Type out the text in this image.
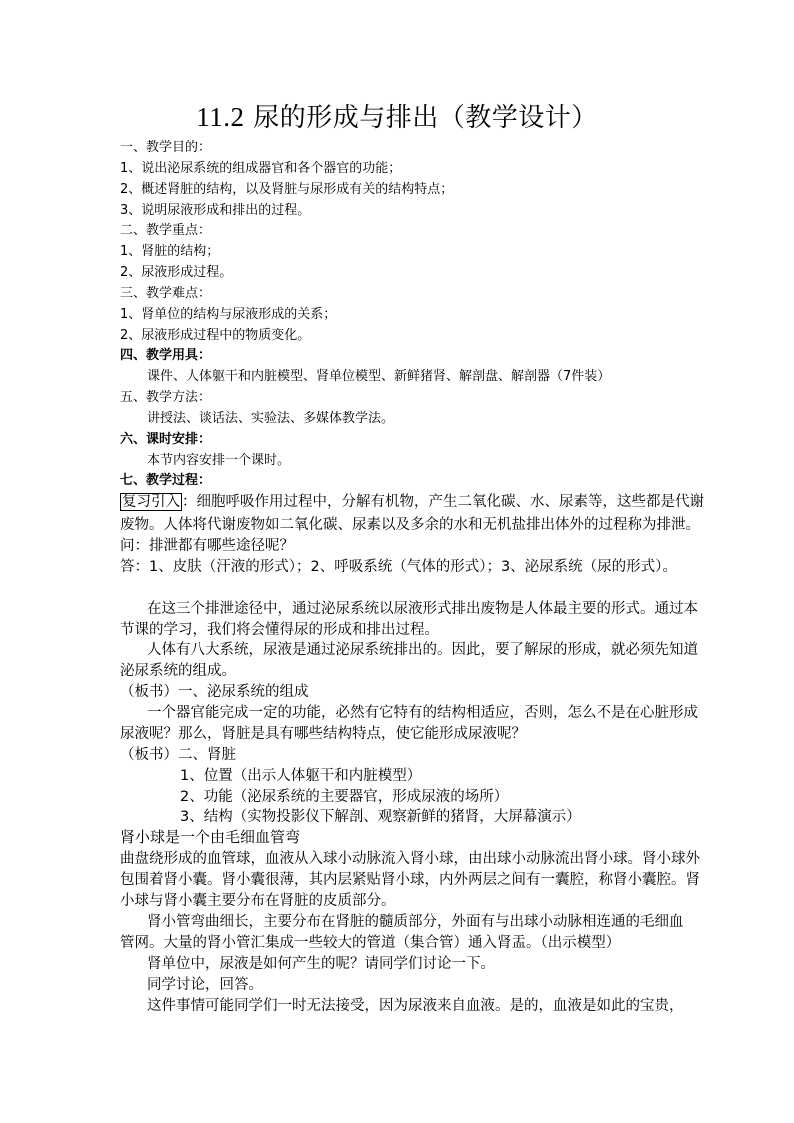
11.2 尿的形成与排出（教学设计）
一、教学目的：
1、说出泌尿系统的组成器官和各个器官的功能；
2、概述肾脏的结构，以及肾脏与尿形成有关的结构特点；
3、说明尿液形成和排出的过程。
二、教学重点：
1、肾脏的结构；
2、尿液形成过程。
三、教学难点：
1、肾单位的结构与尿液形成的关系；
2、尿液形成过程中的物质变化。
四、教学用具：
课件、人体躯干和内脏模型、肾单位模型、新鲜猪肾、解剖盘、解剖器（7件装）
五、教学方法：
讲授法、谈话法、实验法、多媒体教学法。
六、课时安排：
本节内容安排一个课时。
七、教学过程：
复习引入 ：细胞呼吸作用过程中，分解有机物，产生二氧化碳、水、尿素等，这些都是代谢
废物。人体将代谢废物如二氧化碳、尿素以及多余的水和无机盐排出体外的过程称为排泄。
问：排泄都有哪些途径呢？
答：1、皮肤（汗液的形式）；2、呼吸系统（气体的形式）；3、泌尿系统（尿的形式）。
在这三个排泄途径中，通过泌尿系统以尿液形式排出废物是人体最主要的形式。通过本
节课的学习，我们将会懂得尿的形成和排出过程。
人体有八大系统，尿液是通过泌尿系统排出的。因此，要了解尿的形成，就必须先知道
泌尿系统的组成。
（板书）一、泌尿系统的组成
一个器官能完成一定的功能，必然有它特有的结构相适应，否则，怎么不是在心脏形成
尿液呢？那么，肾脏是具有哪些结构特点，使它能形成尿液呢？
（板书）二、肾脏
1、位置（出示人体躯干和内脏模型）
2、功能（泌尿系统的主要器官，形成尿液的场所）
3、结构（实物投影仪下解剖、观察新鲜的猪肾，大屏幕演示）
肾小球是一个由毛细血管弯
曲盘绕形成的血管球，血液从入球小动脉流入肾小球，由出球小动脉流出肾小球。肾小球外
包围着肾小囊。肾小囊很薄，其内层紧贴肾小球，内外两层之间有一囊腔，称肾小囊腔。肾
小球与肾小囊主要分布在肾脏的皮质部分。
肾小管弯曲细长，主要分布在肾脏的髓质部分，外面有与出球小动脉相连通的毛细血
管网。大量的肾小管汇集成一些较大的管道（集合管）通入肾盂。（出示模型）
肾单位中，尿液是如何产生的呢？请同学们讨论一下。
同学讨论，回答。
这件事情可能同学们一时无法接受，因为尿液来自血液。是的，血液是如此的宝贵，
